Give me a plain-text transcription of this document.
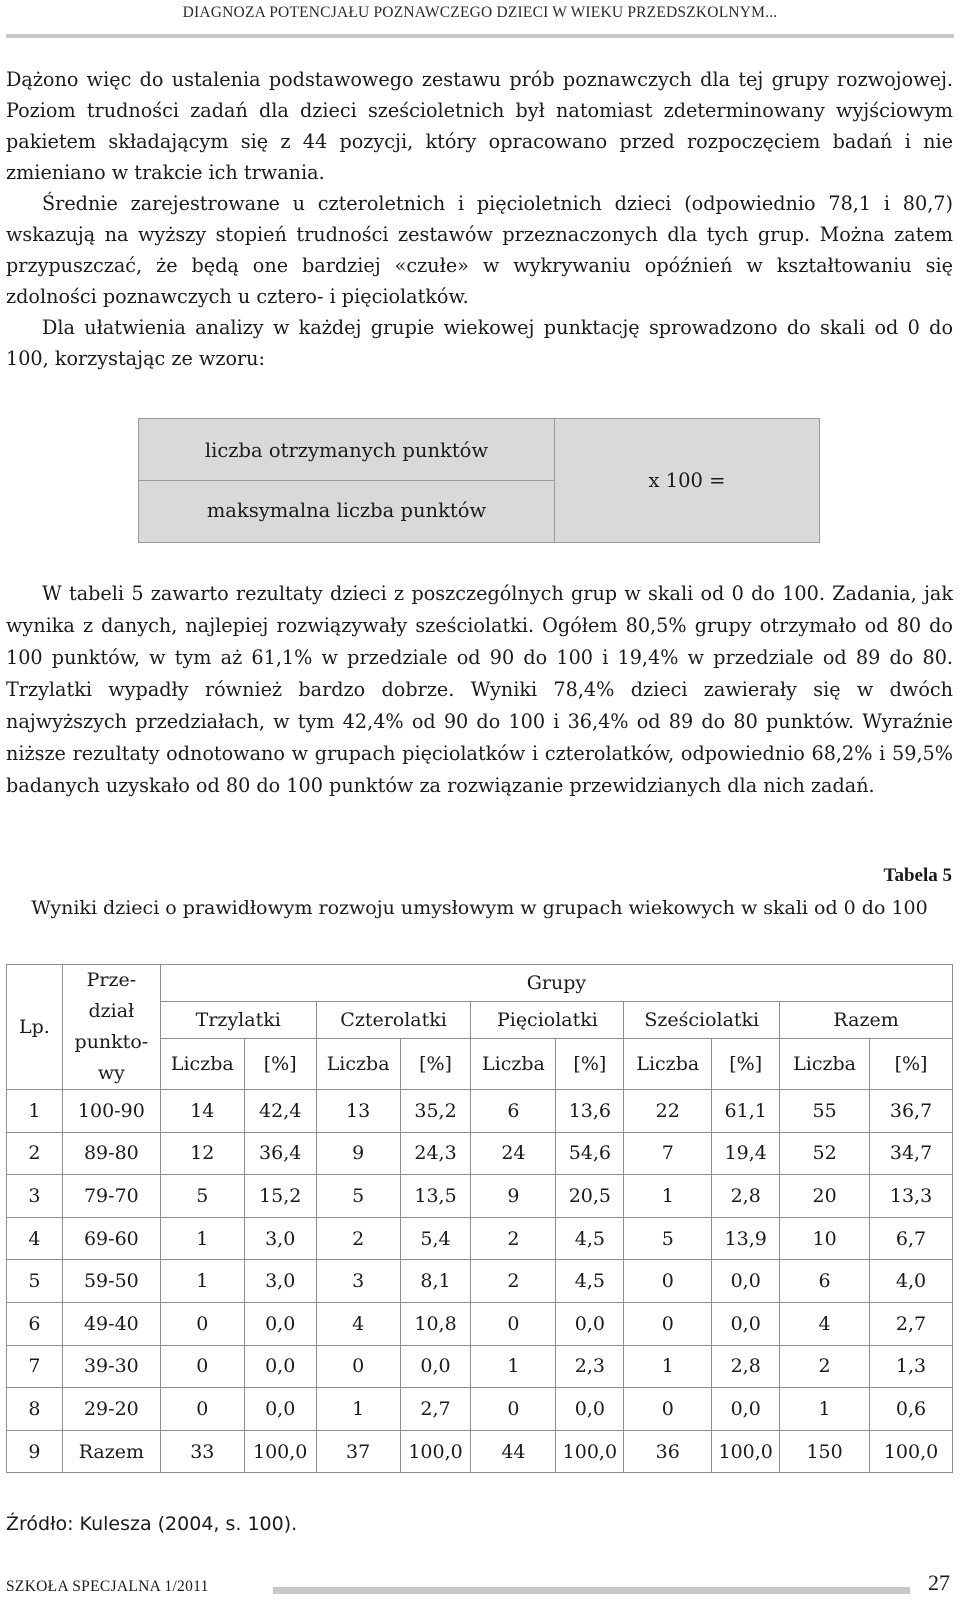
DIAGNOZA POTENCJAŁU POZNAWCZEGO DZIECI W WIEKU PRZEDSZKOLNYM...

Dążono więc do ustalenia podstawowego zestawu prób poznawczych dla tej grupy rozwojowej. Poziom trudności zadań dla dzieci sześcioletnich był natomiast zdeterminowany wyjściowym pakietem składającym się z 44 pozycji, który opracowano przed rozpoczęciem badań i nie zmieniano w trakcie ich trwania.

Średnie zarejestrowane u czteroletnich i pięcioletnich dzieci (odpowiednio 78,1 i 80,7) wskazują na wyższy stopień trudności zestawów przeznaczonych dla tych grup. Można zatem przypuszczać, że będą one bardziej «czułe» w wykrywaniu opóźnień w kształtowaniu się zdolności poznawczych u cztero- i pięciolatków.

Dla ułatwienia analizy w każdej grupie wiekowej punktację sprowadzono do skali od 0 do 100, korzystając ze wzoru:

liczba otrzymanych punktów
maksymalna liczba punktów
x 100 =

W tabeli 5 zawarto rezultaty dzieci z poszczególnych grup w skali od 0 do 100. Zadania, jak wynika z danych, najlepiej rozwiązywały sześciolatki. Ogółem 80,5% grupy otrzymało od 80 do 100 punktów, w tym aż 61,1% w przedziale od 90 do 100 i 19,4% w przedziale od 89 do 80. Trzylatki wypadły również bardzo dobrze. Wyniki 78,4% dzieci zawierały się w dwóch najwyższych przedziałach, w tym 42,4% od 90 do 100 i 36,4% od 89 do 80 punktów. Wyraźnie niższe rezultaty odnotowano w grupach pięciolatków i czterolatków, odpowiednio 68,2% i 59,5% badanych uzyskało od 80 do 100 punktów za rozwiązanie przewidzianych dla nich zadań.

Tabela 5
Wyniki dzieci o prawidłowym rozwoju umysłowym w grupach wiekowych w skali od 0 do 100
Lp.	Prze-dział punkto-wy	Grupy									
		Trzylatki		Czterolatki		Pięciolatki		Sześciolatki		Razem	
		Liczba	[%]	Liczba	[%]	Liczba	[%]	Liczba	[%]	Liczba	[%]
1	100-90	14	42,4	13	35,2	6	13,6	22	61,1	55	36,7
2	89-80	12	36,4	9	24,3	24	54,6	7	19,4	52	34,7
3	79-70	5	15,2	5	13,5	9	20,5	1	2,8	20	13,3
4	69-60	1	3,0	2	5,4	2	4,5	5	13,9	10	6,7
5	59-50	1	3,0	3	8,1	2	4,5	0	0,0	6	4,0
6	49-40	0	0,0	4	10,8	0	0,0	0	0,0	4	2,7
7	39-30	0	0,0	0	0,0	1	2,3	1	2,8	2	1,3
8	29-20	0	0,0	1	2,7	0	0,0	0	0,0	1	0,6
9	Razem	33	100,0	37	100,0	44	100,0	36	100,0	150	100,0
Źródło: Kulesza (2004, s. 100).
SZKOŁA SPECJALNA 1/2011	27
